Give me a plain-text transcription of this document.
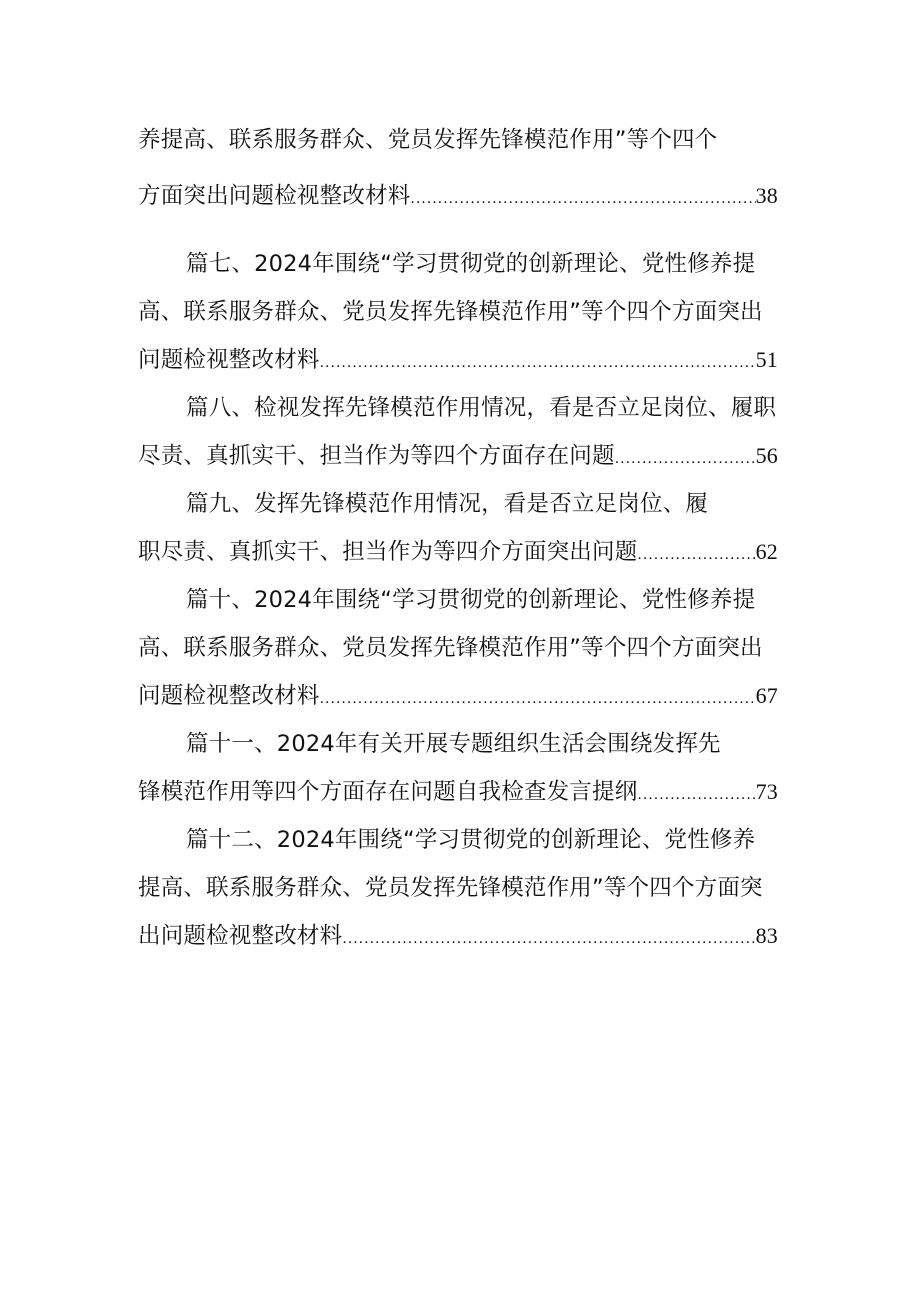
养提高、联系服务群众、党员发挥先锋模范作用”等个四个
方面突出问题检视整改材料 .....	38
篇七、2024年围绕“学习贯彻党的创新理论、党性修养提
高、联系服务群众、党员发挥先锋模范作用”等个四个方面突出
问题检视整改材料 .....	51
篇八、检视发挥先锋模范作用情况，看是否立足岗位、履职
尽责、真抓实干、担当作为等四个方面存在问题 .....	56
篇九、发挥先锋模范作用情况，看是否立足岗位、履
职尽责、真抓实干、担当作为等四介方面突出问题 .....	62
篇十、2024年围绕“学习贯彻党的创新理论、党性修养提
高、联系服务群众、党员发挥先锋模范作用”等个四个方面突出
问题检视整改材料 .....	67
篇十一、2024年有关开展专题组织生活会围绕发挥先
锋模范作用等四个方面存在问题自我检查发言提纲 .....	73
篇十二、2024年围绕“学习贯彻党的创新理论、党性修养
提高、联系服务群众、党员发挥先锋模范作用”等个四个方面突
出问题检视整改材料 .....	83
